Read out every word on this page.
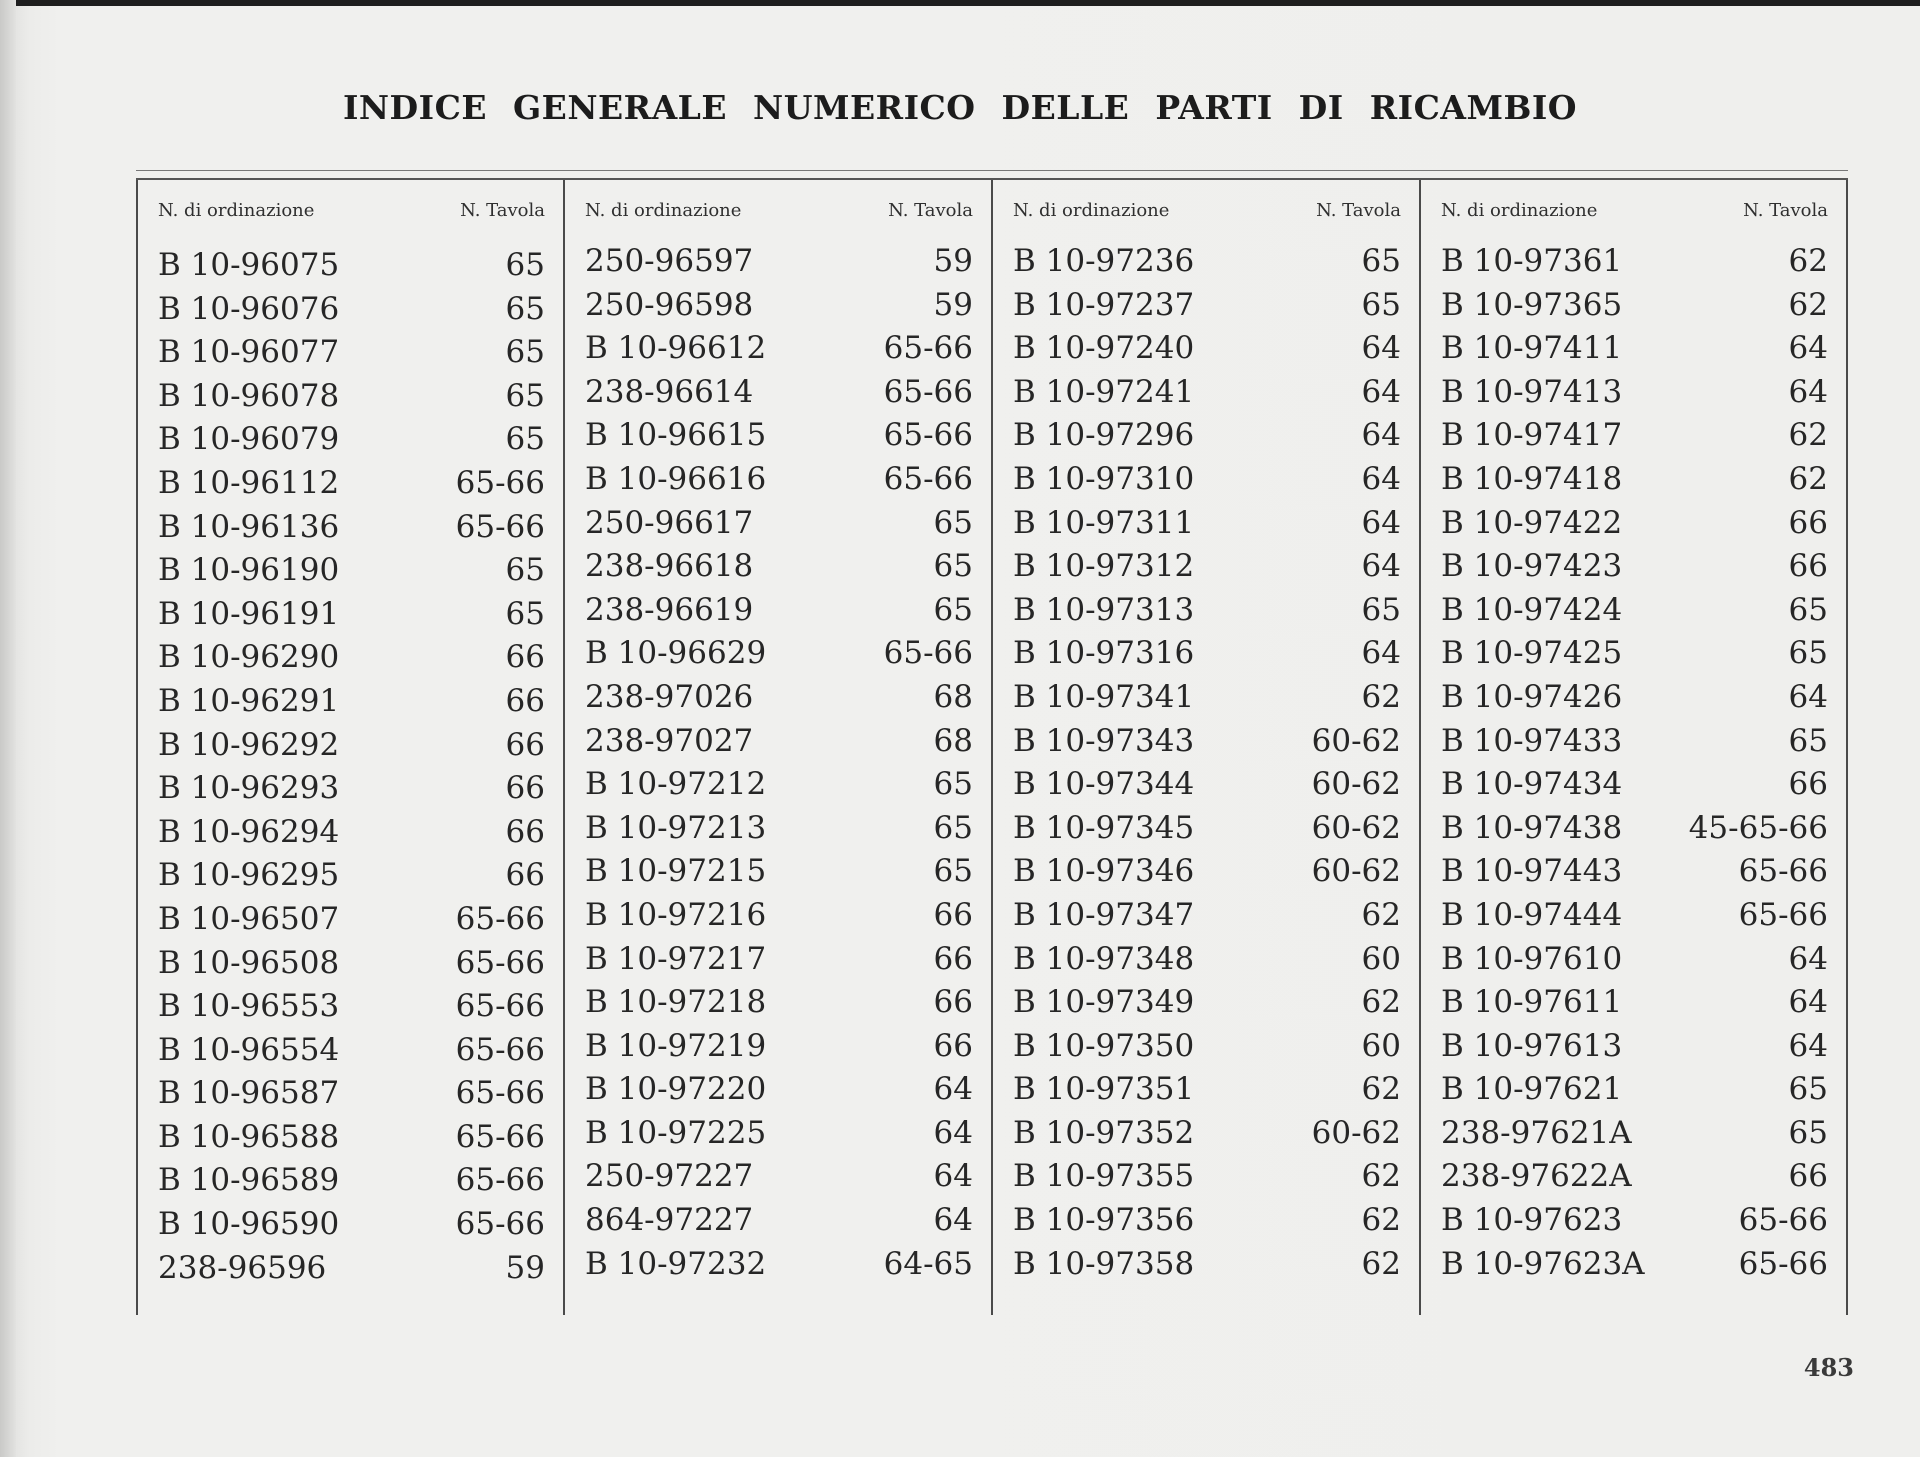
INDICE GENERALE NUMERICO DELLE PARTI DI RICAMBIO
N. di ordinazione	N. Tavola
B 10-96075	65
B 10-96076	65
B 10-96077	65
B 10-96078	65
B 10-96079	65
B 10-96112	65-66
B 10-96136	65-66
B 10-96190	65
B 10-96191	65
B 10-96290	66
B 10-96291	66
B 10-96292	66
B 10-96293	66
B 10-96294	66
B 10-96295	66
B 10-96507	65-66
B 10-96508	65-66
B 10-96553	65-66
B 10-96554	65-66
B 10-96587	65-66
B 10-96588	65-66
B 10-96589	65-66
B 10-96590	65-66
238-96596	59
N. di ordinazione	N. Tavola
250-96597	59
250-96598	59
B 10-96612	65-66
238-96614	65-66
B 10-96615	65-66
B 10-96616	65-66
250-96617	65
238-96618	65
238-96619	65
B 10-96629	65-66
238-97026	68
238-97027	68
B 10-97212	65
B 10-97213	65
B 10-97215	65
B 10-97216	66
B 10-97217	66
B 10-97218	66
B 10-97219	66
B 10-97220	64
B 10-97225	64
250-97227	64
864-97227	64
B 10-97232	64-65
N. di ordinazione	N. Tavola
B 10-97236	65
B 10-97237	65
B 10-97240	64
B 10-97241	64
B 10-97296	64
B 10-97310	64
B 10-97311	64
B 10-97312	64
B 10-97313	65
B 10-97316	64
B 10-97341	62
B 10-97343	60-62
B 10-97344	60-62
B 10-97345	60-62
B 10-97346	60-62
B 10-97347	62
B 10-97348	60
B 10-97349	62
B 10-97350	60
B 10-97351	62
B 10-97352	60-62
B 10-97355	62
B 10-97356	62
B 10-97358	62
N. di ordinazione	N. Tavola
B 10-97361	62
B 10-97365	62
B 10-97411	64
B 10-97413	64
B 10-97417	62
B 10-97418	62
B 10-97422	66
B 10-97423	66
B 10-97424	65
B 10-97425	65
B 10-97426	64
B 10-97433	65
B 10-97434	66
B 10-97438 45-65-66
B 10-97443	65-66
B 10-97444	65-66
B 10-97610	64
B 10-97611	64
B 10-97613	64
B 10-97621	65
238-97621A	65
238-97622A	66
B 10-97623	65-66
B 10-97623A	65-66
483
